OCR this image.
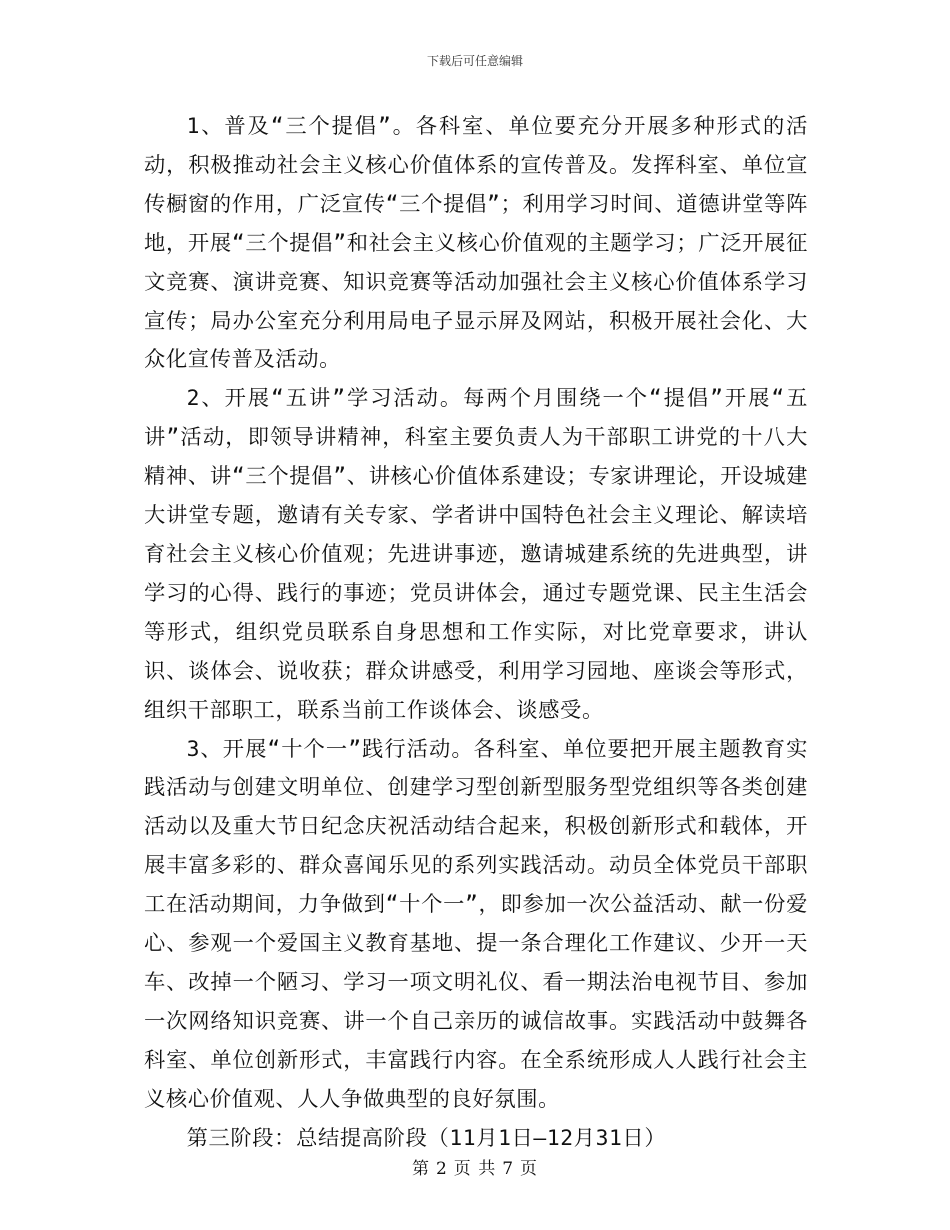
下载后可任意编辑

1、普及“三个提倡”。各科室、单位要充分开展多种形式的活动，积极推动社会主义核心价值体系的宣传普及。发挥科室、单位宣传橱窗的作用，广泛宣传“三个提倡”；利用学习时间、道德讲堂等阵地，开展“三个提倡”和社会主义核心价值观的主题学习；广泛开展征文竞赛、演讲竞赛、知识竞赛等活动加强社会主义核心价值体系学习宣传；局办公室充分利用局电子显示屏及网站，积极开展社会化、大众化宣传普及活动。

2、开展“五讲”学习活动。每两个月围绕一个“提倡”开展“五讲”活动，即领导讲精神，科室主要负责人为干部职工讲党的十八大精神、讲“三个提倡”、讲核心价值体系建设；专家讲理论，开设城建大讲堂专题，邀请有关专家、学者讲中国特色社会主义理论、解读培育社会主义核心价值观；先进讲事迹，邀请城建系统的先进典型，讲学习的心得、践行的事迹；党员讲体会，通过专题党课、民主生活会等形式，组织党员联系自身思想和工作实际，对比党章要求，讲认识、谈体会、说收获；群众讲感受，利用学习园地、座谈会等形式，组织干部职工，联系当前工作谈体会、谈感受。

3、开展“十个一”践行活动。各科室、单位要把开展主题教育实践活动与创建文明单位、创建学习型创新型服务型党组织等各类创建活动以及重大节日纪念庆祝活动结合起来，积极创新形式和载体，开展丰富多彩的、群众喜闻乐见的系列实践活动。动员全体党员干部职工在活动期间，力争做到“十个一”，即参加一次公益活动、献一份爱心、参观一个爱国主义教育基地、提一条合理化工作建议、少开一天车、改掉一个陋习、学习一项文明礼仪、看一期法治电视节目、参加一次网络知识竞赛、讲一个自己亲历的诚信故事。实践活动中鼓舞各科室、单位创新形式，丰富践行内容。在全系统形成人人践行社会主义核心价值观、人人争做典型的良好氛围。

第三阶段：总结提高阶段（11月1日—12月31日）

第 2 页 共 7 页
